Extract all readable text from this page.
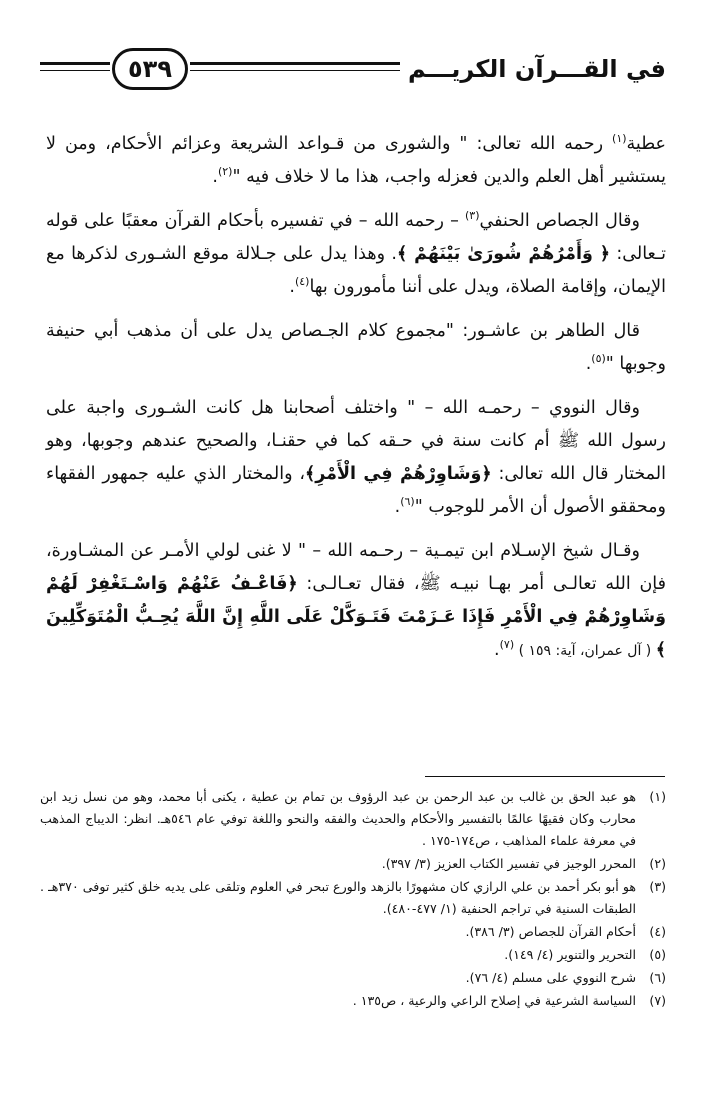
٥٣٩	في القـــرآن الكريـــم

عطية$^{(١)}$ رحمه الله تعالى: " والشورى من قـواعد الشريعة وعزائم الأحكام، ومن لا يستشير أهل العلم والدين فعزله واجب، هذا ما لا خلاف فيه "$^{(٢)}$.

وقال الجصاص الحنفي$^{(٣)}$ – رحمه الله – في تفسيره بأحكام القرآن معقبًا على قوله تـعالى: ﴿ وَأَمْرُهُمْ شُورَىٰ بَيْنَهُمْ ﴾. وهذا يدل على جـلالة موقع الشـورى لذكرها مع الإيمان، وإقامة الصلاة، ويدل على أننا مأمورون بها$^{(٤)}$.

قال الطاهر بن عاشـور: "مجموع كلام الجـصاص يدل على أن مذهب أبي حنيفة وجوبها "$^{(٥)}$.

وقال النووي – رحمـه الله – " واختلف أصحابنا هل كانت الشـورى واجبة على رسول الله ﷺ أم كانت سنة في حـقه كما في حقنـا، والصحيح عندهم وجوبها، وهو المختار قال الله تعالى: ﴿وَشَاوِرْهُمْ فِي الْأَمْرِ﴾، والمختار الذي عليه جمهور الفقهاء ومحققو الأصول أن الأمر للوجوب "$^{(٦)}$.

وقـال شيخ الإسـلام ابن تيمـية – رحـمه الله – " لا غنى لولي الأمـر عن المشـاورة، فإن الله تعالـى أمر بهـا نبيـه ﷺ، فقال تعـالـى: ﴿فَاعْـفُ عَنْهُمْ وَاسْـتَغْفِرْ لَهُمْ وَشَاوِرْهُمْ فِي الْأَمْرِ فَإِذَا عَـزَمْتَ فَتَـوَكَّلْ عَلَى اللَّهِ إِنَّ اللَّهَ يُحِـبُّ الْمُتَوَكِّلِينَ ﴾ ( آل عمران، آية: ١٥٩ ) $^{(٧)}$.

(١)هو عبد الحق بن غالب بن عبد الرحمن بن عبد الرؤوف بن تمام بن عطية ، يكنى أبا محمد، وهو من نسل زيد ابن محارب وكان فقيهًا عالمًا بالتفسير والأحكام والحديث والفقه والنحو واللغة توفي عام ٥٤٦هـ. انظر: الديباج المذهب في معرفة علماء المذاهب ، ص١٧٤-١٧٥ .
(٢)المحرر الوجيز في تفسير الكتاب العزيز (٣/ ٣٩٧).
(٣)هو أبو بكر أحمد بن علي الرازي كان مشهورًا بالزهد والورع تبحر في العلوم وتلقى على يديه خلق كثير توفى ٣٧٠هـ . الطبقات السنية في تراجم الحنفية (١/ ٤٧٧-٤٨٠).
(٤)أحكام القرآن للجصاص (٣/ ٣٨٦).
(٥)التحرير والتنوير (٤/ ١٤٩).
(٦)شرح النووي على مسلم (٤/ ٧٦).
(٧)السياسة الشرعية في إصلاح الراعي والرعية ، ص١٣٥ .
